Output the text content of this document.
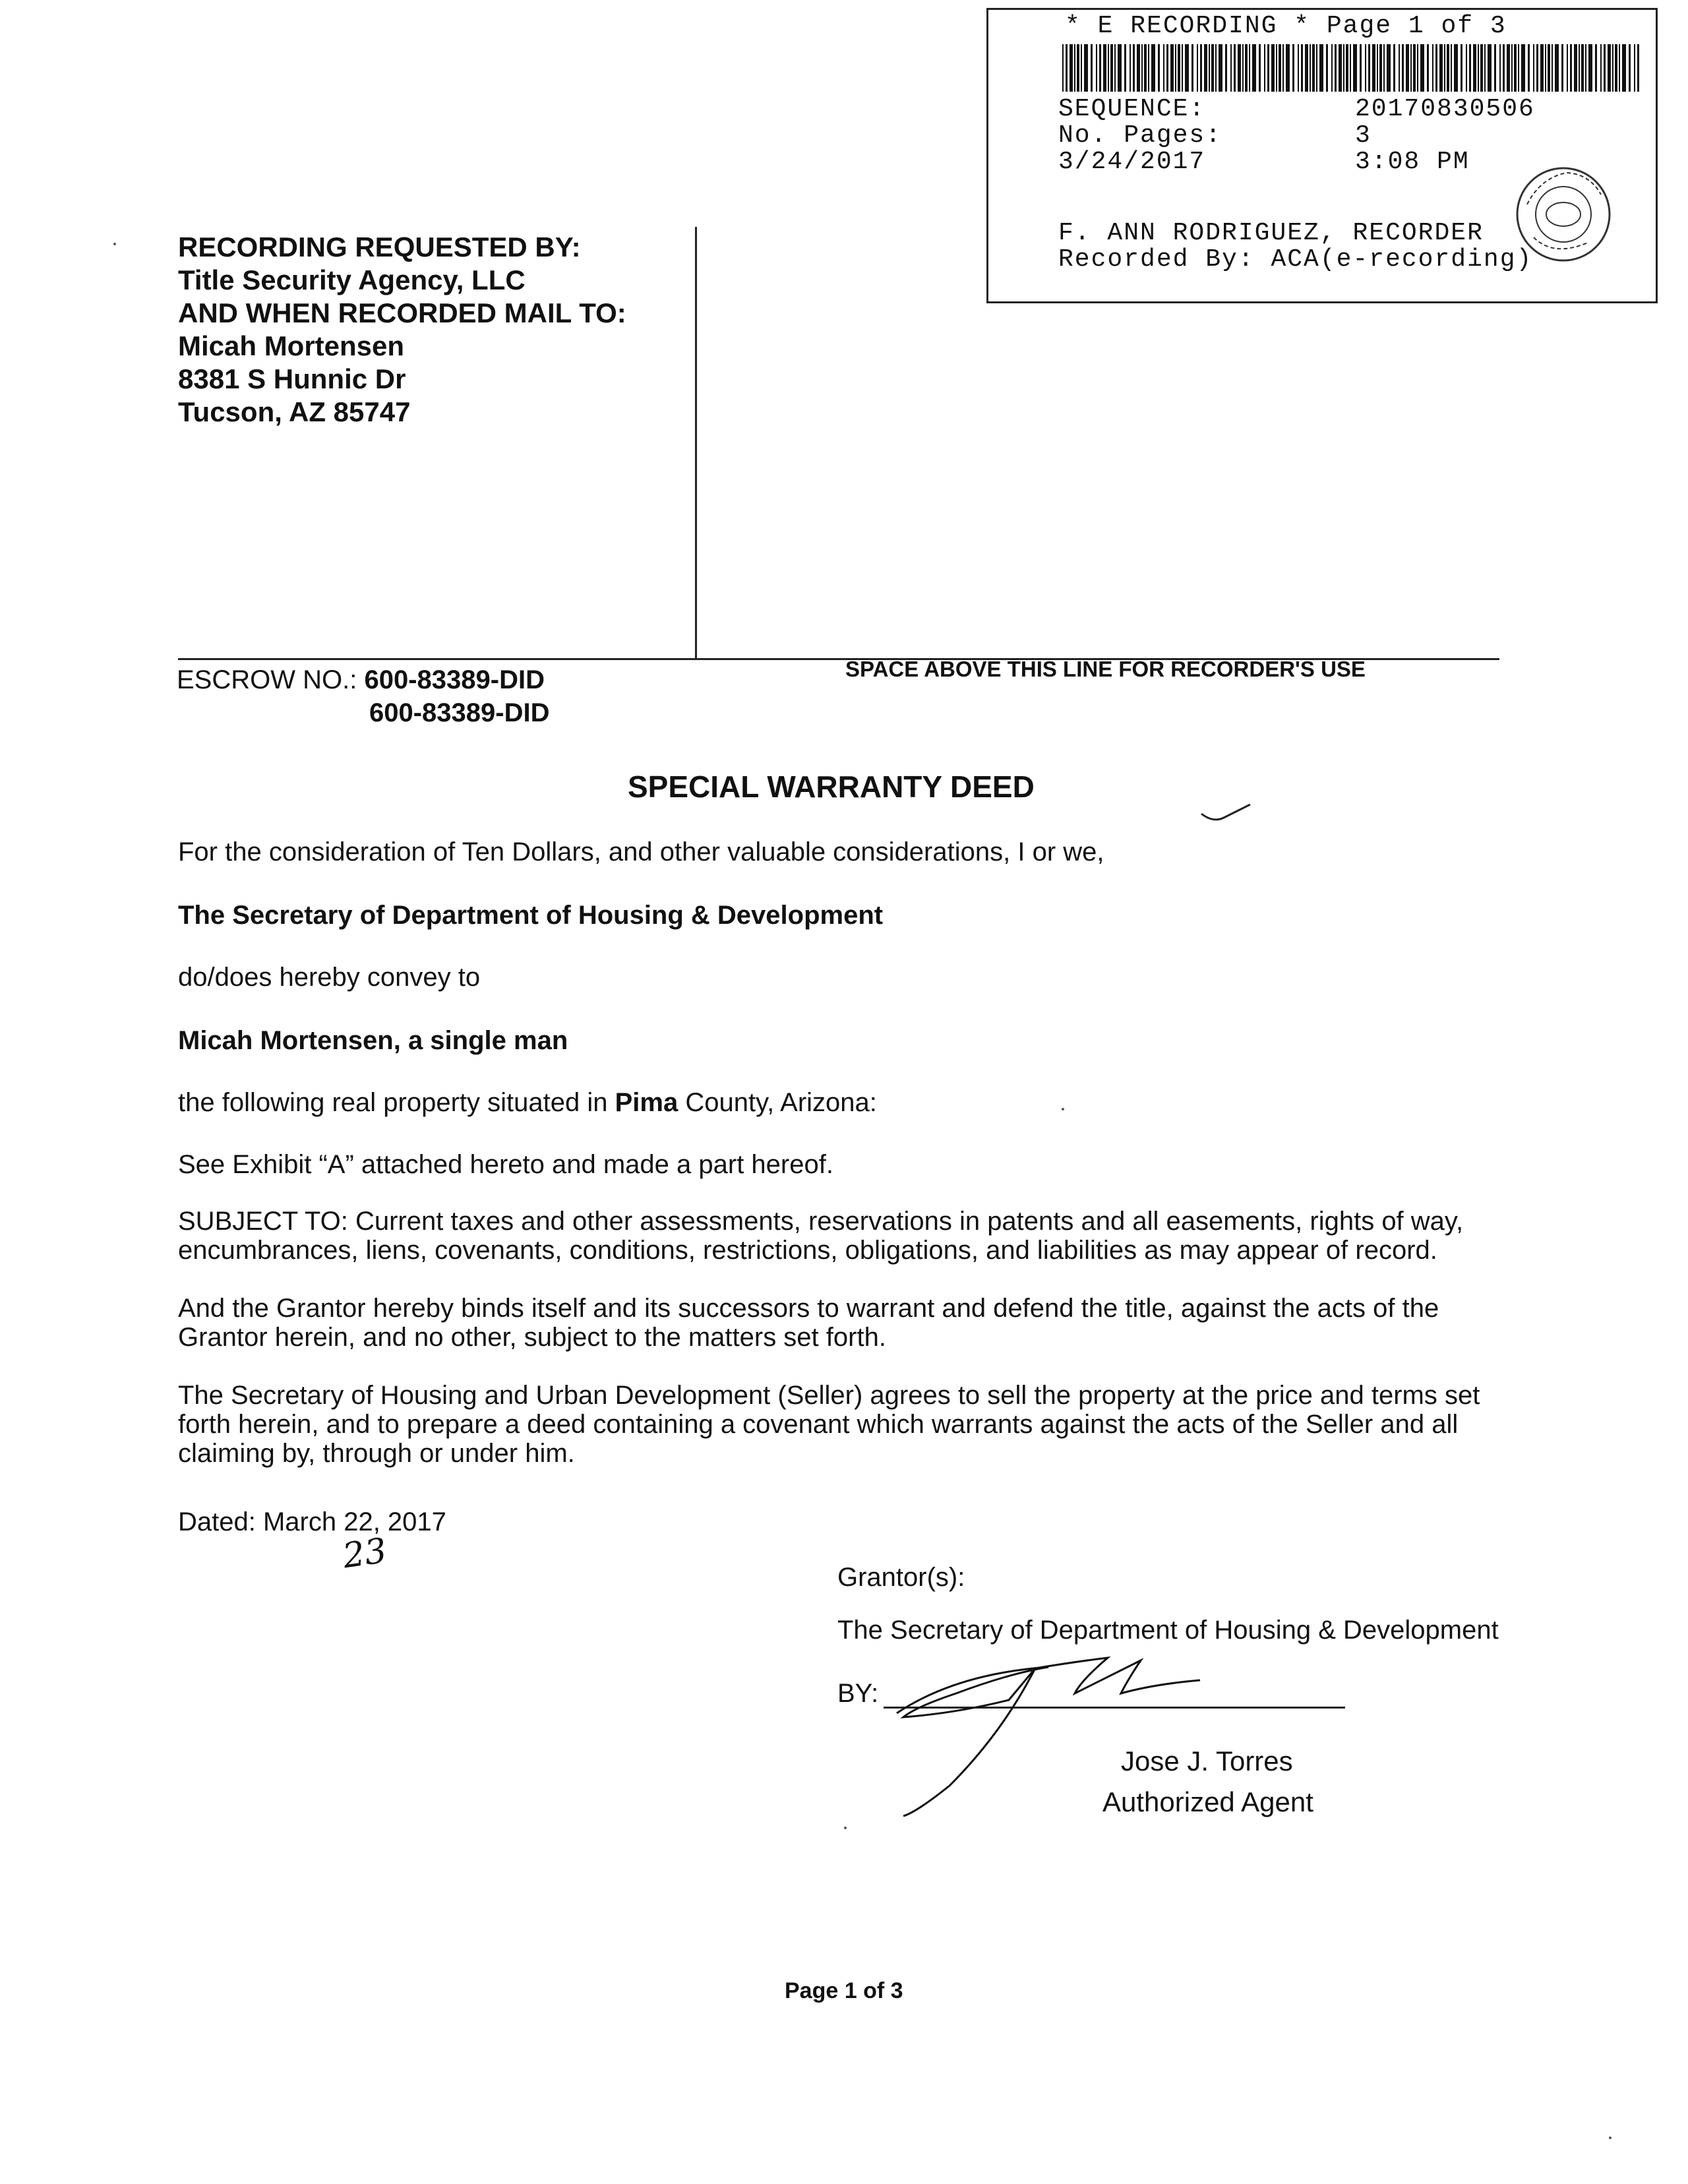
* E RECORDING * Page 1 of 3
SEQUENCE:	20170830506
No. Pages:	3
3/24/2017	3:08 PM
F. ANN RODRIGUEZ, RECORDER
Recorded By: ACA(e-recording)
RECORDING REQUESTED BY:
Title Security Agency, LLC
AND WHEN RECORDED MAIL TO:
Micah Mortensen
8381 S Hunnic Dr
Tucson, AZ 85747
ESCROW NO.: 600-83389-DID
600-83389-DID
SPACE ABOVE THIS LINE FOR RECORDER'S USE
SPECIAL WARRANTY DEED
For the consideration of Ten Dollars, and other valuable considerations, I or we,
The Secretary of Department of Housing & Development
do/does hereby convey to
Micah Mortensen, a single man
the following real property situated in Pima County, Arizona:
See Exhibit “A” attached hereto and made a part hereof.
SUBJECT TO: Current taxes and other assessments, reservations in patents and all easements, rights of way, encumbrances, liens, covenants, conditions, restrictions, obligations, and liabilities as may appear of record.
And the Grantor hereby binds itself and its successors to warrant and defend the title, against the acts of the Grantor herein, and no other, subject to the matters set forth.
The Secretary of Housing and Urban Development (Seller) agrees to sell the property at the price and terms set forth herein, and to prepare a deed containing a covenant which warrants against the acts of the Seller and all claiming by, through or under him.
Dated: March 22, 2017
23
Grantor(s):
The Secretary of Department of Housing & Development
BY:
Jose J. Torres
Authorized Agent
Page 1 of 3
